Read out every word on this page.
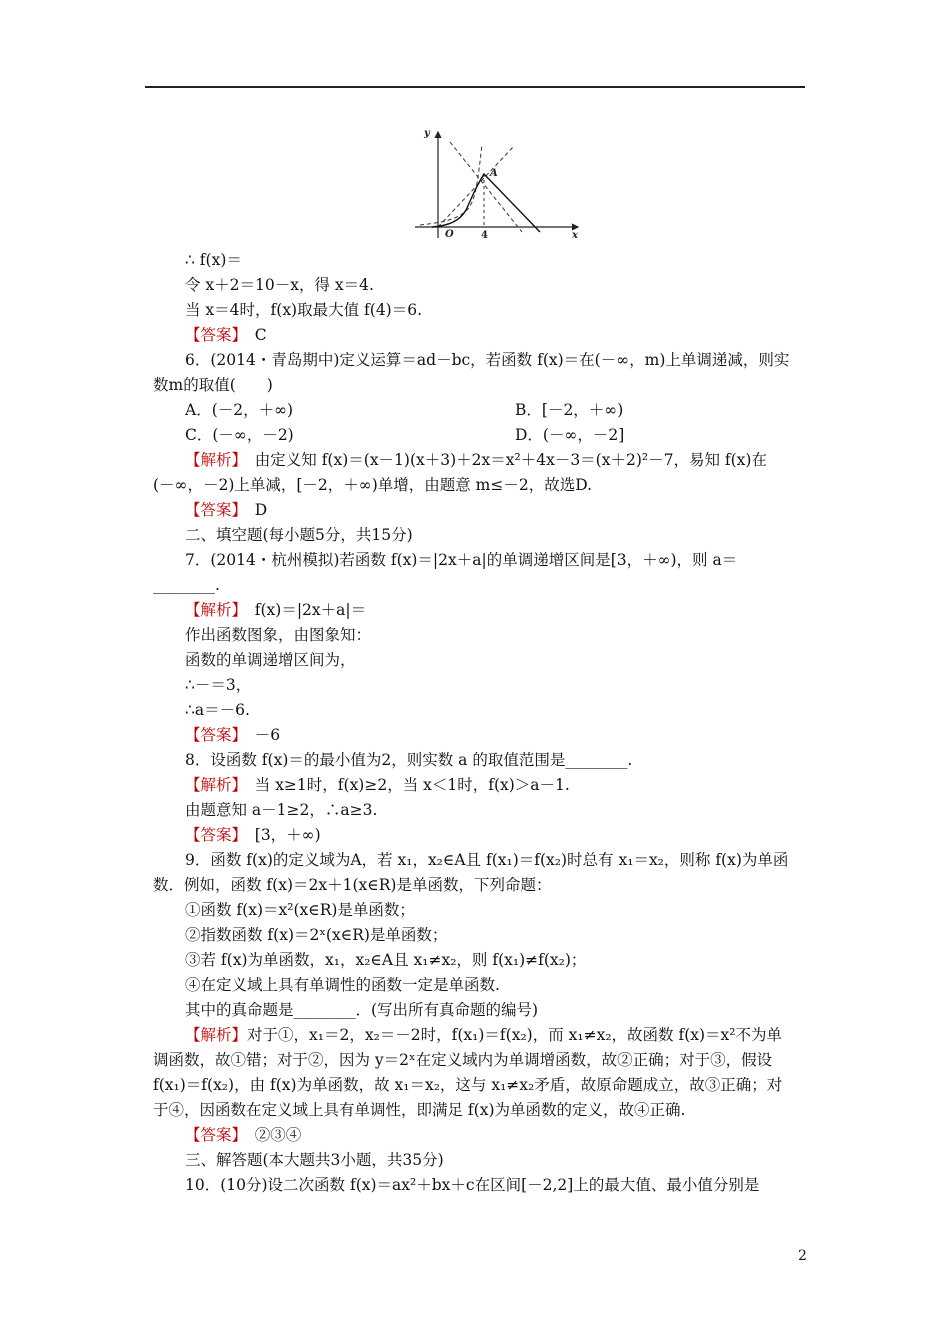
y
x
O	4
A
∴ f(x)＝
令 x＋2＝10－x，得 x＝4.
当 x＝4时，f(x)取最大值 f(4)＝6.
【答案】　C
6．(2014・青岛期中)定义运算＝ad－bc，若函数 f(x)＝在(－∞，m)上单调递减，则实
数m的取值(　　)
A．(－2，＋∞)	B．[－2，＋∞)
C．(－∞，－2)	D．(－∞，－2]
【解析】　由定义知 f(x)＝(x－1)(x＋3)＋2x＝x²＋4x－3＝(x＋2)²－7，易知 f(x)在
(－∞，－2)上单减，[－2，＋∞)单增，由题意 m≤－2，故选D.
【答案】　D
二、填空题(每小题5分，共15分)
7．(2014・杭州模拟)若函数 f(x)＝|2x＋a|的单调递增区间是[3，＋∞)，则 a＝
________.
【解析】　f(x)＝|2x＋a|＝
作出函数图象，由图象知：
函数的单调递增区间为，
∴－＝3，
∴a＝－6.
【答案】　－6
8．设函数 f(x)＝的最小值为2，则实数 a 的取值范围是________.
【解析】　当 x≥1时，f(x)≥2，当 x＜1时，f(x)＞a－1.
由题意知 a－1≥2，∴a≥3.
【答案】　[3，＋∞)
9．函数 f(x)的定义域为A，若 x₁，x₂∈A且 f(x₁)＝f(x₂)时总有 x₁＝x₂，则称 f(x)为单函
数．例如，函数 f(x)＝2x＋1(x∈R)是单函数，下列命题：
①函数 f(x)＝x²(x∈R)是单函数；
②指数函数 f(x)＝2ˣ(x∈R)是单函数；
③若 f(x)为单函数，x₁，x₂∈A且 x₁≠x₂，则 f(x₁)≠f(x₂)；
④在定义域上具有单调性的函数一定是单函数.
其中的真命题是________．(写出所有真命题的编号)
【解析】对于①，x₁＝2，x₂＝－2时，f(x₁)＝f(x₂)，而 x₁≠x₂，故函数 f(x)＝x²不为单
调函数，故①错；对于②，因为 y＝2ˣ在定义域内为单调增函数，故②正确；对于③，假设
f(x₁)＝f(x₂)，由 f(x)为单函数，故 x₁＝x₂，这与 x₁≠x₂矛盾，故原命题成立，故③正确；对
于④，因函数在定义域上具有单调性，即满足 f(x)为单函数的定义，故④正确.
【答案】　②③④
三、解答题(本大题共3小题，共35分)
10．(10分)设二次函数 f(x)＝ax²＋bx＋c在区间[－2,2]上的最大值、最小值分别是
2
